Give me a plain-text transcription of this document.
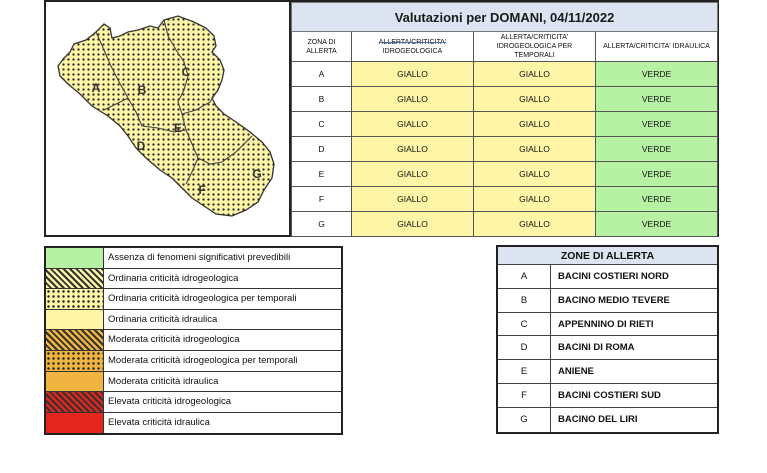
A	B
C
D
E
F
G
Valutazioni per DOMANI, 04/11/2022			
ZONA DI ALLERTA	ALLERTA/CRITICITA' IDROGEOLOGICA	ALLERTA/CRITICITA' IDROGEOLOGICA PER TEMPORALI	ALLERTA/CRITICITA' IDRAULICA
A	GIALLO	GIALLO	VERDE
B	GIALLO	GIALLO	VERDE
C	GIALLO	GIALLO	VERDE
D	GIALLO	GIALLO	VERDE
E	GIALLO	GIALLO	VERDE
F	GIALLO	GIALLO	VERDE
G	GIALLO	GIALLO	VERDE
Assenza di fenomeni significativi prevedibili
Ordinaria criticità idrogeologica
Ordinaria criticità idrogeologica per temporali
Ordinaria criticità idraulica
Moderata criticità idrogeologica
Moderata criticità idrogeologica per temporali
Moderata criticità idraulica
Elevata criticità idrogeologica
Elevata criticità idraulica
ZONE DI ALLERTA
A	BACINI COSTIERI NORD
B	BACINO MEDIO TEVERE
C	APPENNINO DI RIETI
D	BACINI DI ROMA
E	ANIENE
F	BACINI COSTIERI SUD
G	BACINO DEL LIRI
